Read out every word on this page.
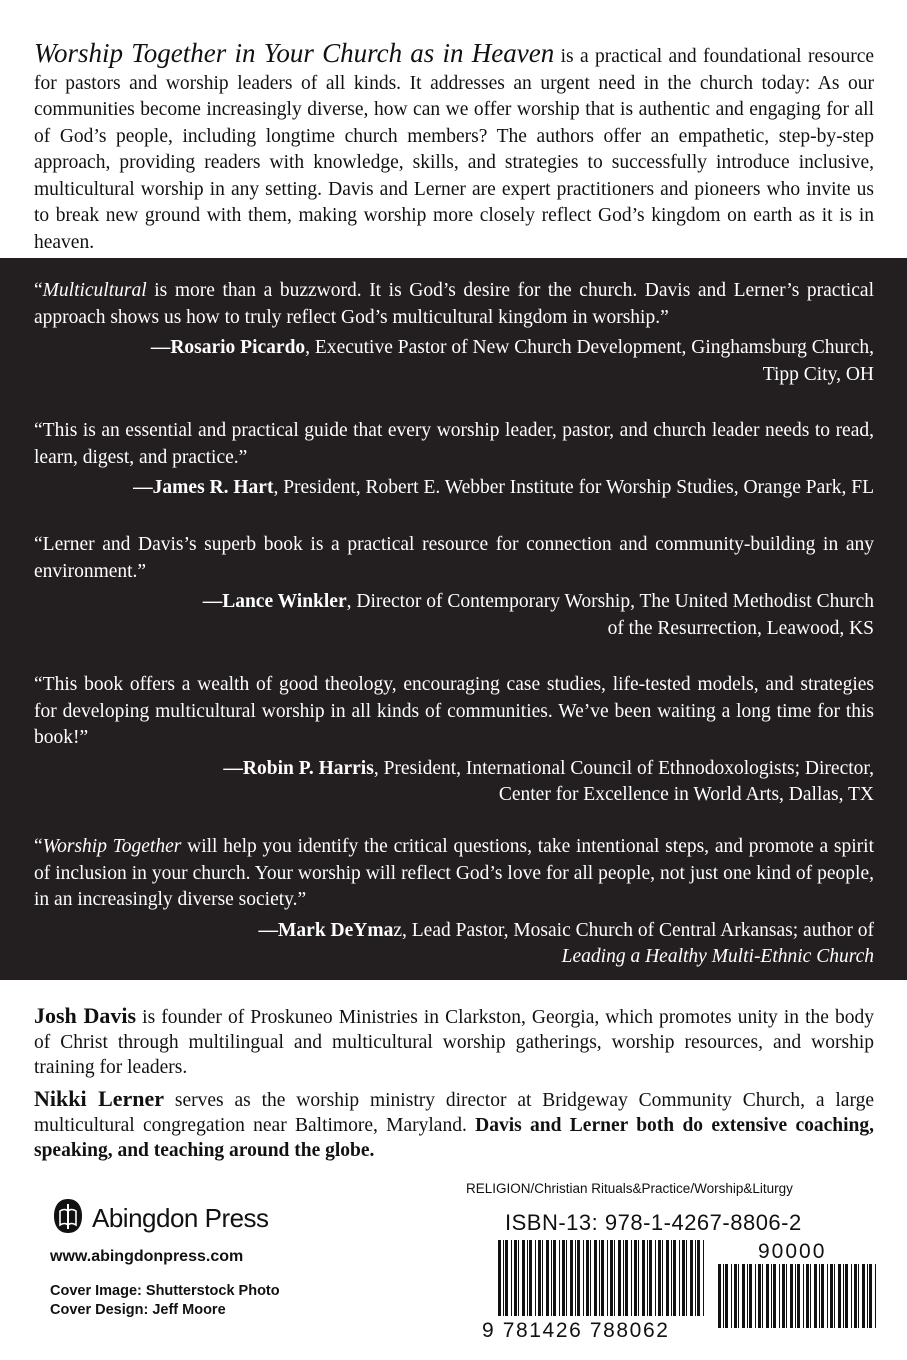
Worship Together in Your Church as in Heaven is a practical and foundational resource for pastors and worship leaders of all kinds. It addresses an urgent need in the church today: As our communities become increasingly diverse, how can we offer worship that is authentic and engaging for all of God’s people, including longtime church members? The authors offer an empathetic, step-by-step approach, providing readers with knowledge, skills, and strategies to successfully introduce inclusive, multicultural worship in any setting. Davis and Lerner are expert practitioners and pioneers who invite us to break new ground with them, making worship more closely reflect God’s kingdom on earth as it is in heaven.

“Multicultural is more than a buzzword. It is God’s desire for the church. Davis and Lerner’s practical approach shows us how to truly reflect God’s multicultural kingdom in worship.”

—Rosario Picardo, Executive Pastor of New Church Development, Ginghamsburg Church,
Tipp City, OH

“This is an essential and practical guide that every worship leader, pastor, and church leader needs to read, learn, digest, and practice.”

—James R. Hart, President, Robert E. Webber Institute for Worship Studies, Orange Park, FL

“Lerner and Davis’s superb book is a practical resource for connection and community-building in any environment.”

—Lance Winkler, Director of Contemporary Worship, The United Methodist Church
of the Resurrection, Leawood, KS

“This book offers a wealth of good theology, encouraging case studies, life-tested models, and strategies for developing multicultural worship in all kinds of communities. We’ve been waiting a long time for this book!”

—Robin P. Harris, President, International Council of Ethnodoxologists; Director,
Center for Excellence in World Arts, Dallas, TX

“Worship Together will help you identify the critical questions, take intentional steps, and promote a spirit of inclusion in your church. Your worship will reflect God’s love for all people, not just one kind of people, in an increasingly diverse society.”

—Mark DeYmaz, Lead Pastor, Mosaic Church of Central Arkansas; author of
Leading a Healthy Multi-Ethnic Church

Josh Davis is founder of Proskuneo Ministries in Clarkston, Georgia, which promotes unity in the body of Christ through multilingual and multicultural worship gatherings, worship resources, and worship training for leaders.
Nikki Lerner serves as the worship ministry director at Bridgeway Community Church, a large multicultural congregation near Baltimore, Maryland. Davis and Lerner both do extensive coaching, speaking, and teaching around the globe.
Abingdon Press
www.abingdonpress.com
Cover Image: Shutterstock Photo
Cover Design: Jeff Moore
RELIGION/Christian Rituals&Practice/Worship&Liturgy
ISBN-13: 978-1-4267-8806-2
90000
9 781426 788062
